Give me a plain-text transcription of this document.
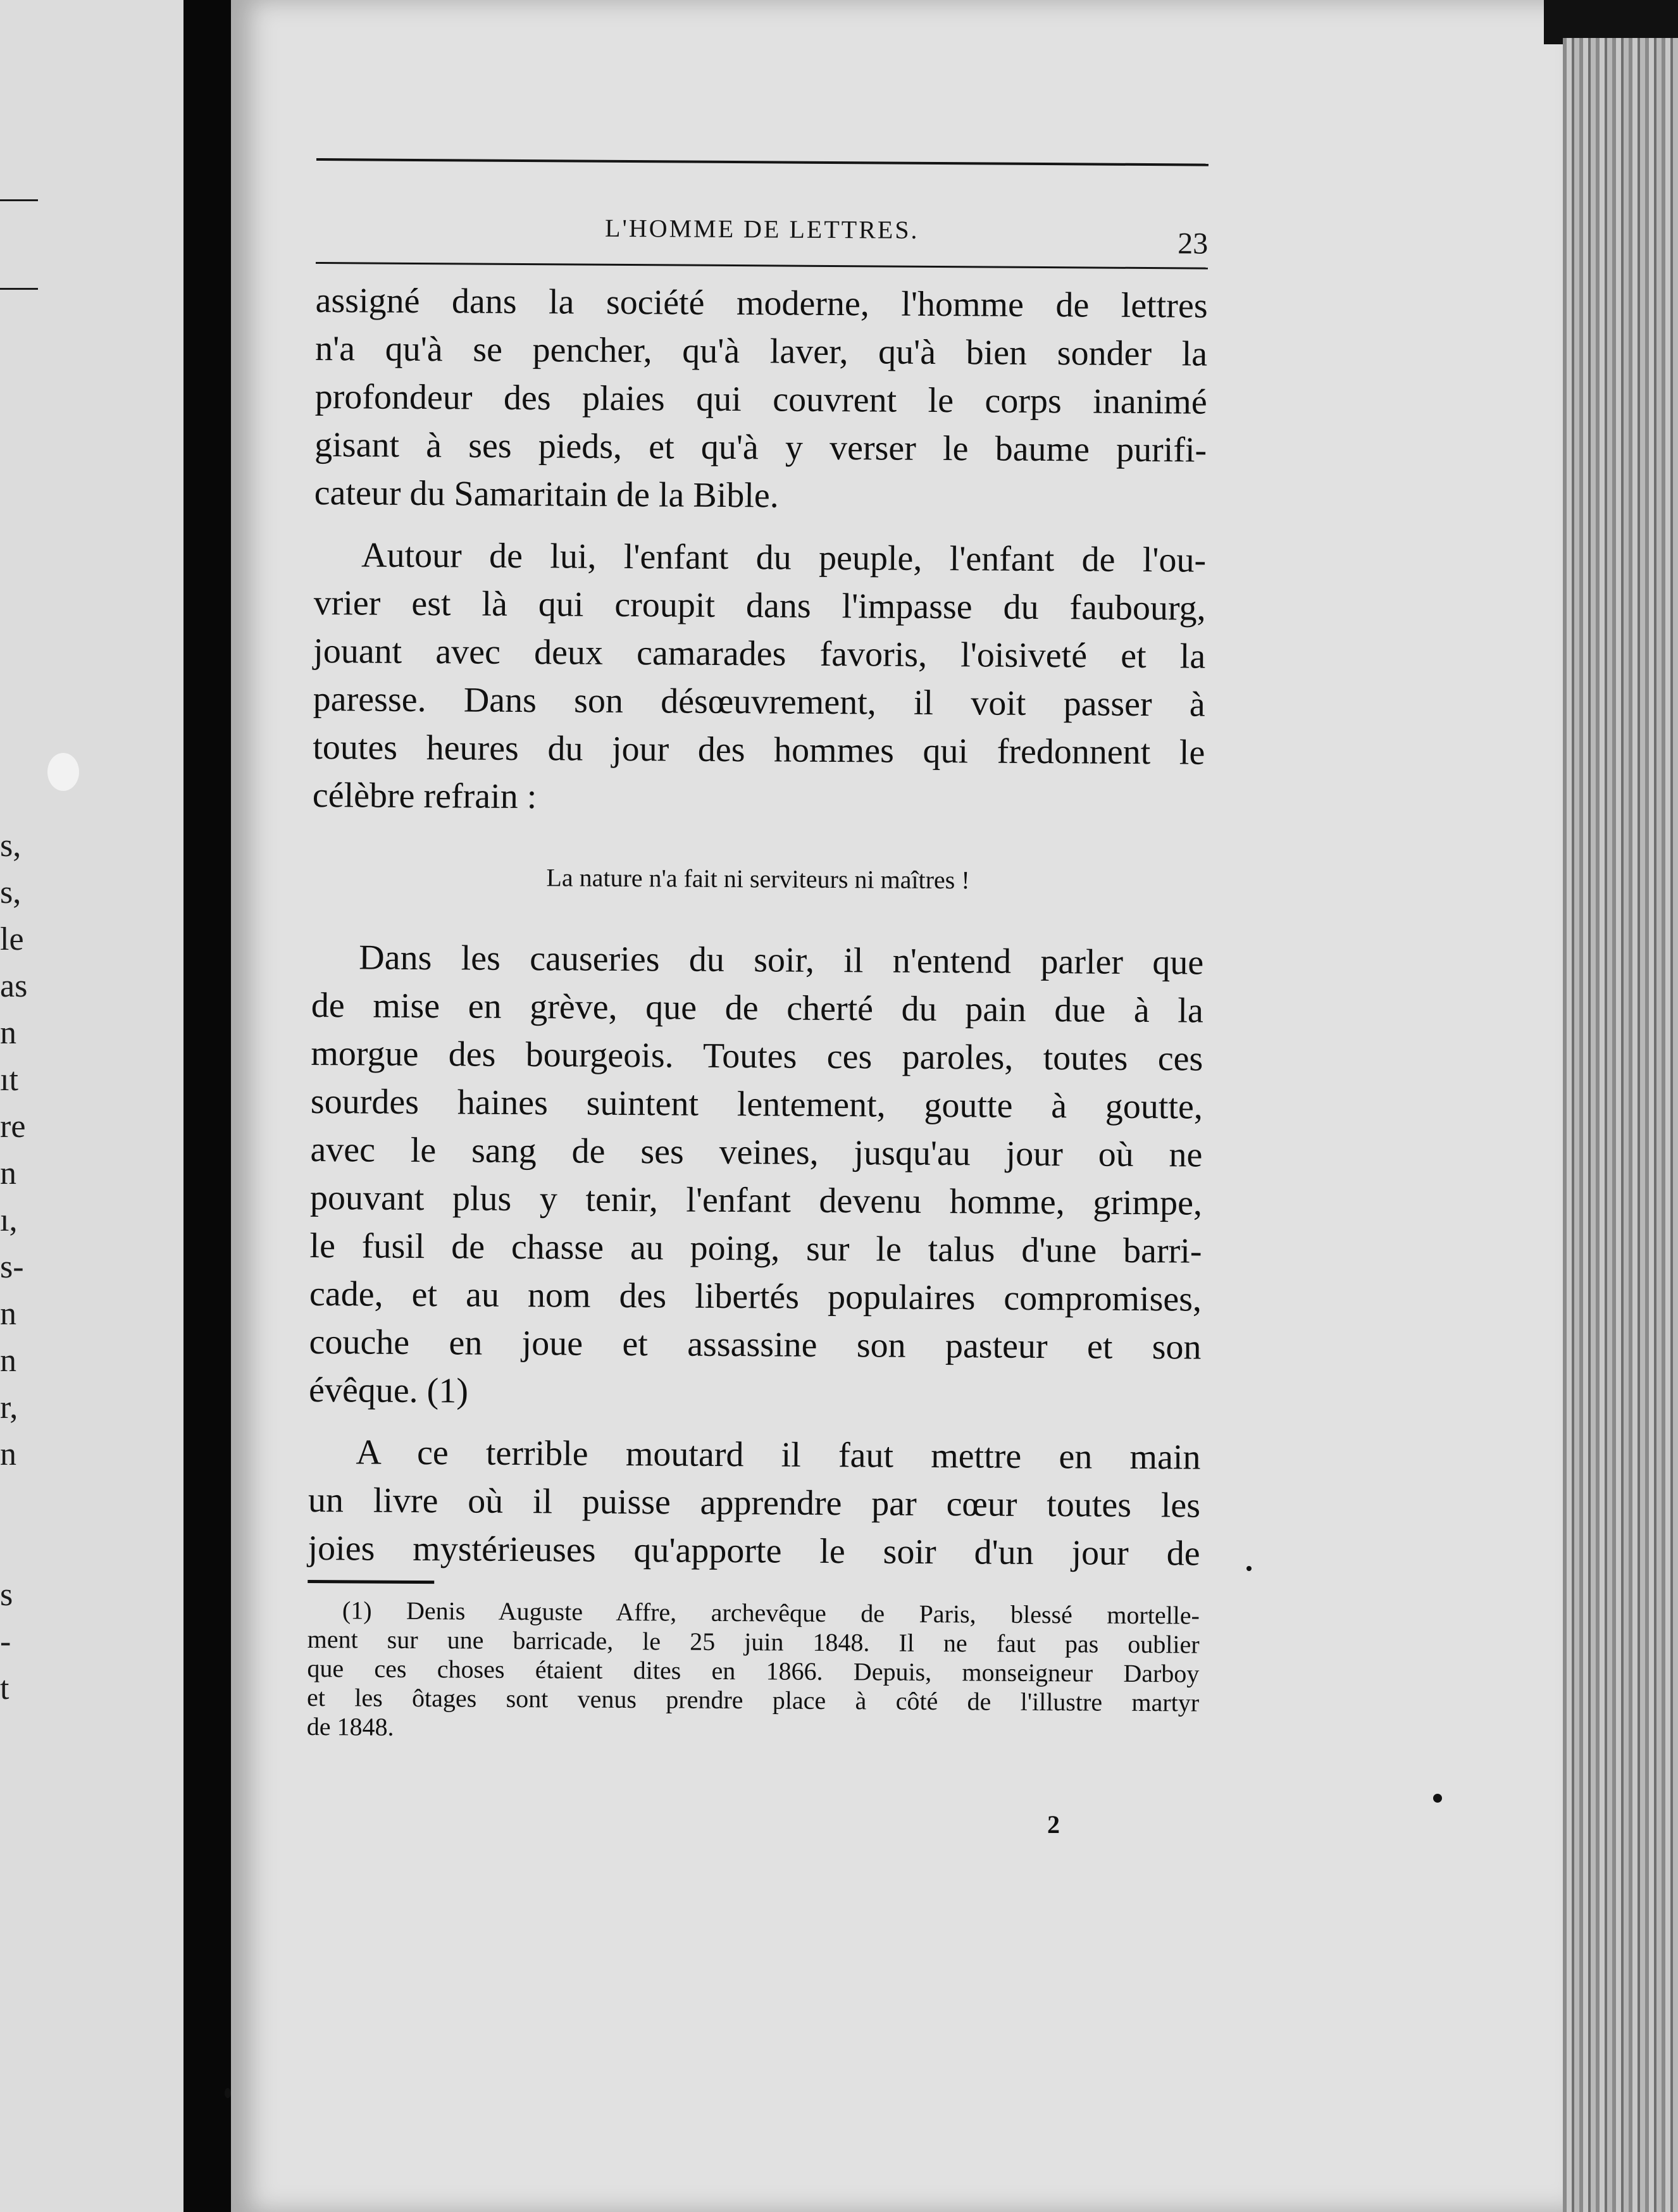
s,
s,
le
as
n
ıt
re
n
ı,
s-
n
n
r,
n
s
-
t
L'HOMME DE LETTRES.	23

assigné dans la société moderne, l'homme de lettres
n'a qu'à se pencher, qu'à laver, qu'à bien sonder la
profondeur des plaies qui couvrent le corps inanimé
gisant à ses pieds, et qu'à y verser le baume purifi-
cateur du Samaritain de la Bible.

Autour de lui, l'enfant du peuple, l'enfant de l'ou-
vrier est là qui croupit dans l'impasse du faubourg,
jouant avec deux camarades favoris, l'oisiveté et la
paresse. Dans son désœuvrement, il voit passer à
toutes heures du jour des hommes qui fredonnent le
célèbre refrain :

La nature n'a fait ni serviteurs ni maîtres !

Dans les causeries du soir, il n'entend parler que
de mise en grève, que de cherté du pain due à la
morgue des bourgeois. Toutes ces paroles, toutes ces
sourdes haines suintent lentement, goutte à goutte,
avec le sang de ses veines, jusqu'au jour où ne
pouvant plus y tenir, l'enfant devenu homme, grimpe,
le fusil de chasse au poing, sur le talus d'une barri-
cade, et au nom des libertés populaires compromises,
couche en joue et assassine son pasteur et son
évêque. (1)

A ce terrible moutard il faut mettre en main
un livre où il puisse apprendre par cœur toutes les
joies mystérieuses qu'apporte le soir d'un jour de

(1) Denis Auguste Affre, archevêque de Paris, blessé mortelle-
ment sur une barricade, le 25 juin 1848. Il ne faut pas oublier
que ces choses étaient dites en 1866. Depuis, monseigneur Darboy
et les ôtages sont venus prendre place à côté de l'illustre martyr
de 1848.
2
